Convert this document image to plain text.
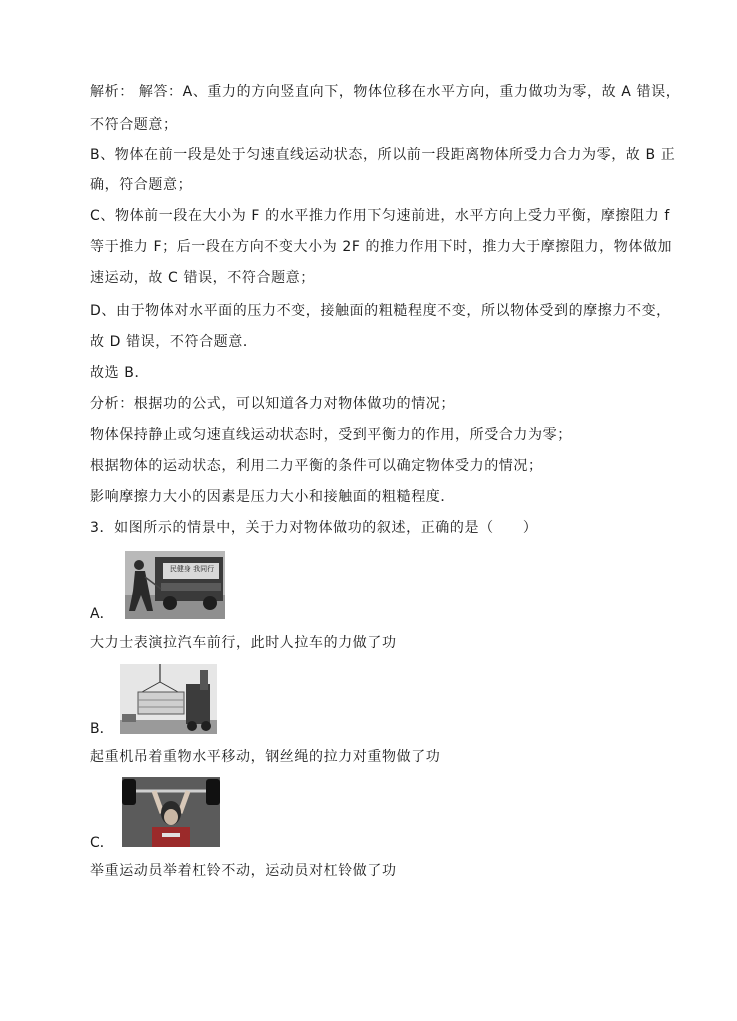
解析： 解答：A、重力的方向竖直向下，物体位移在水平方向，重力做功为零，故 A 错误，
不符合题意；
B、物体在前一段是处于匀速直线运动状态，所以前一段距离物体所受力合力为零，故 B 正
确，符合题意；
C、物体前一段在大小为 F 的水平推力作用下匀速前进，水平方向上受力平衡，摩擦阻力 f
等于推力 F；后一段在方向不变大小为 2F 的推力作用下时，推力大于摩擦阻力，物体做加
速运动，故 C 错误，不符合题意；
D、由于物体对水平面的压力不变，接触面的粗糙程度不变，所以物体受到的摩擦力不变，
故 D 错误，不符合题意．
故选 B．
分析：根据功的公式，可以知道各力对物体做功的情况；
物体保持静止或匀速直线运动状态时，受到平衡力的作用，所受合力为零；
根据物体的运动状态，利用二力平衡的条件可以确定物体受力的情况；
影响摩擦力大小的因素是压力大小和接触面的粗糙程度．
3．如图所示的情景中，关于力对物体做功的叙述，正确的是（　　）
民健身 我同行
A．
大力士表演拉汽车前行，此时人拉车的力做了功
B．
起重机吊着重物水平移动，钢丝绳的拉力对重物做了功
C．
举重运动员举着杠铃不动，运动员对杠铃做了功
